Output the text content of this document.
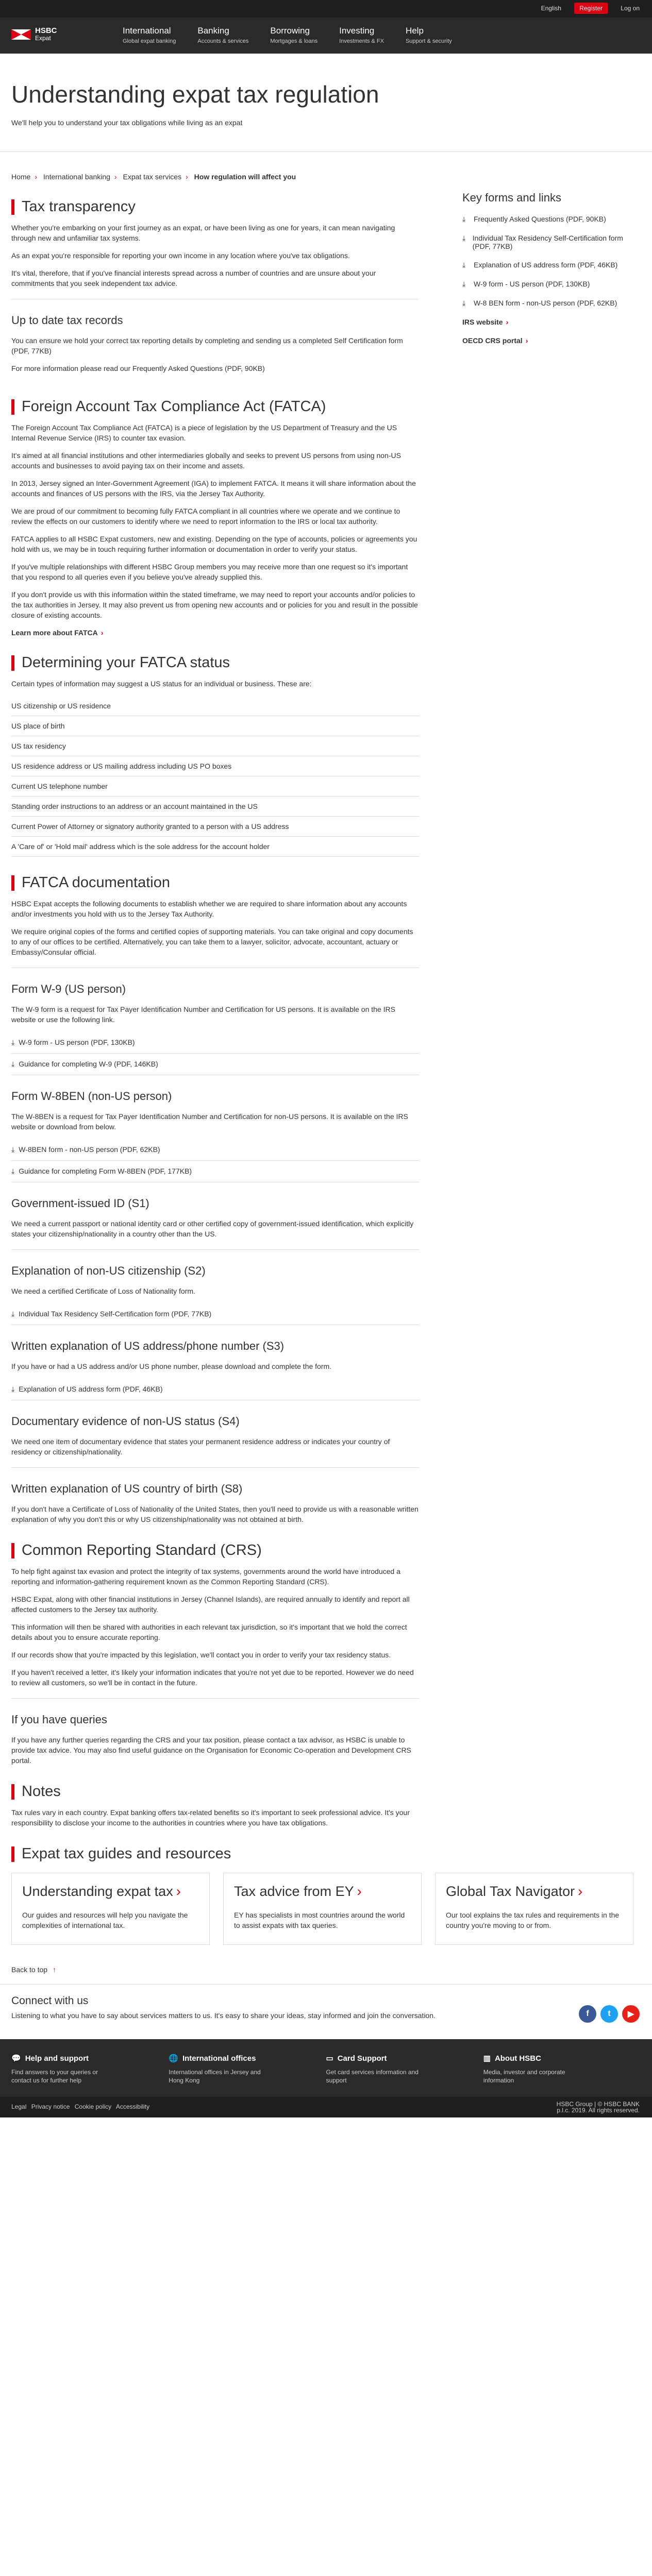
English	Register	Log on
HSBC
Expat
International
Global expat banking
Banking
Accounts & services
Borrowing
Mortgages & loans
Investing
Investments & FX
Help
Support & security
Understanding expat tax regulation

We'll help you to understand your tax obligations while living as an expat

Home › International banking › Expat tax services › How regulation will affect you
Tax transparency

Whether you're embarking on your first journey as an expat, or have been living as one for years, it can mean navigating through new and unfamiliar tax systems.

As an expat you're responsible for reporting your own income in any location where you've tax obligations.

It's vital, therefore, that if you've financial interests spread across a number of countries and are unsure about your commitments that you seek independent tax advice.

Up to date tax records

You can ensure we hold your correct tax reporting details by completing and sending us a completed Self Certification form (PDF, 77KB)

For more information please read our Frequently Asked Questions (PDF, 90KB)

Key forms and links
⤓	Frequently Asked Questions (PDF, 90KB)
⤓ Individual Tax Residency Self-Certification form (PDF, 77KB)
⤓	Explanation of US address form (PDF, 46KB)
⤓	W-9 form - US person (PDF, 130KB)
⤓	W-8 BEN form - non-US person (PDF, 62KB)
IRS website ›
OECD CRS portal ›
Foreign Account Tax Compliance Act (FATCA)

The Foreign Account Tax Compliance Act (FATCA) is a piece of legislation by the US Department of Treasury and the US Internal Revenue Service (IRS) to counter tax evasion.

It's aimed at all financial institutions and other intermediaries globally and seeks to prevent US persons from using non-US accounts and businesses to avoid paying tax on their income and assets.

In 2013, Jersey signed an Inter-Government Agreement (IGA) to implement FATCA. It means it will share information about the accounts and finances of US persons with the IRS, via the Jersey Tax Authority.

We are proud of our commitment to becoming fully FATCA compliant in all countries where we operate and we continue to review the effects on our customers to identify where we need to report information to the IRS or local tax authority.

FATCA applies to all HSBC Expat customers, new and existing. Depending on the type of accounts, policies or agreements you hold with us, we may be in touch requiring further information or documentation in order to verify your status.

If you've multiple relationships with different HSBC Group members you may receive more than one request so it's important that you respond to all queries even if you believe you've already supplied this.

If you don't provide us with this information within the stated timeframe, we may need to report your accounts and/or policies to the tax authorities in Jersey. It may also prevent us from opening new accounts and or policies for you and result in the possible closure of existing accounts.

Learn more about FATCA ›
Determining your FATCA status

Certain types of information may suggest a US status for an individual or business. These are:

US citizenship or US residence
US place of birth
US tax residency
US residence address or US mailing address including US PO boxes
Current US telephone number
Standing order instructions to an address or an account maintained in the US
Current Power of Attorney or signatory authority granted to a person with a US address
A 'Care of' or 'Hold mail' address which is the sole address for the account holder
FATCA documentation

HSBC Expat accepts the following documents to establish whether we are required to share information about any accounts and/or investments you hold with us to the Jersey Tax Authority.

We require original copies of the forms and certified copies of supporting materials. You can take original and copy documents to any of our offices to be certified. Alternatively, you can take them to a lawyer, solicitor, advocate, accountant, actuary or Embassy/Consular official.

Form W-9 (US person)

The W-9 form is a request for Tax Payer Identification Number and Certification for US persons. It is available on the IRS website or use the following link.

⤓ W-9 form - US person (PDF, 130KB)
⤓ Guidance for completing W-9 (PDF, 146KB)
Form W-8BEN (non-US person)

The W-8BEN is a request for Tax Payer Identification Number and Certification for non-US persons. It is available on the IRS website or download from below.

⤓ W-8BEN form - non-US person (PDF, 62KB)
⤓ Guidance for completing Form W-8BEN (PDF, 177KB)
Government-issued ID (S1)

We need a current passport or national identity card or other certified copy of government-issued identification, which explicitly states your citizenship/nationality in a country other than the US.

Explanation of non-US citizenship (S2)

We need a certified Certificate of Loss of Nationality form.

⤓ Individual Tax Residency Self-Certification form (PDF, 77KB)
Written explanation of US address/phone number (S3)

If you have or had a US address and/or US phone number, please download and complete the form.

⤓ Explanation of US address form (PDF, 46KB)
Documentary evidence of non-US status (S4)

We need one item of documentary evidence that states your permanent residence address or indicates your country of residency or citizenship/nationality.

Written explanation of US country of birth (S8)

If you don't have a Certificate of Loss of Nationality of the United States, then you'll need to provide us with a reasonable written explanation of why you don't this or why US citizenship/nationality was not obtained at birth.

Common Reporting Standard (CRS)

To help fight against tax evasion and protect the integrity of tax systems, governments around the world have introduced a reporting and information-gathering requirement known as the Common Reporting Standard (CRS).

HSBC Expat, along with other financial institutions in Jersey (Channel Islands), are required annually to identify and report all affected customers to the Jersey tax authority.

This information will then be shared with authorities in each relevant tax jurisdiction, so it's important that we hold the correct details about you to ensure accurate reporting.

If our records show that you're impacted by this legislation, we'll contact you in order to verify your tax residency status.

If you haven't received a letter, it's likely your information indicates that you're not yet due to be reported. However we do need to review all customers, so we'll be in contact in the future.

If you have queries

If you have any further queries regarding the CRS and your tax position, please contact a tax advisor, as HSBC is unable to provide tax advice. You may also find useful guidance on the Organisation for Economic Co-operation and Development CRS portal.

Notes

Tax rules vary in each country. Expat banking offers tax-related benefits so it's important to seek professional advice. It's your responsibility to disclose your income to the authorities in countries where you have tax obligations.

Expat tax guides and resources
Understanding expat tax ›

Our guides and resources will help you navigate the complexities of international tax.

Tax advice from EY ›

EY has specialists in most countries around the world to assist expats with tax queries.

Global Tax Navigator ›

Our tool explains the tax rules and requirements in the country you're moving to or from.

Back to top ↑
Connect with us

Listening to what you have to say about services matters to us. It's easy to share your ideas, stay informed and join the conversation.	f	t	▶
💬 Help and support

Find answers to your queries or contact us for further help

🌐 International offices

International offices in Jersey and Hong Kong

▭ Card Support

Get card services information and support

▥ About HSBC

Media, investor and corporate information

Legal Privacy notice Cookie policy Accessibility	HSBC Group | © HSBC BANK
p.l.c. 2019. All rights reserved.
